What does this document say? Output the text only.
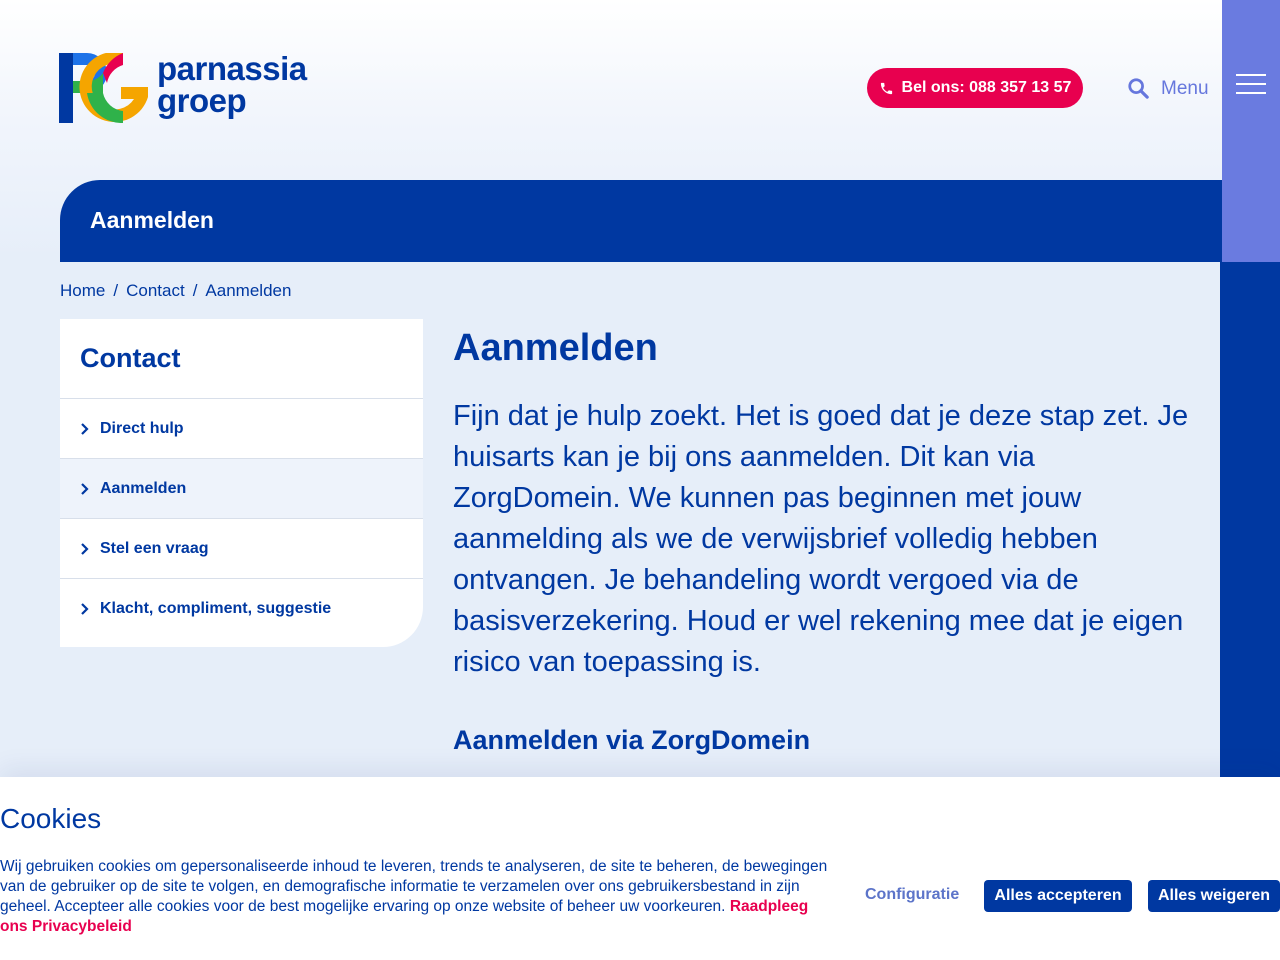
parnassia
groep	Bel ons: 088 357 13 57	Menu
Aanmelden
Home / Contact / Aanmelden
Contact
Direct hulp
Aanmelden
Stel een vraag
Klacht, compliment, suggestie
Aanmelden

Fijn dat je hulp zoekt. Het is goed dat je deze stap zet. Je huisarts kan je bij ons aanmelden. Dit kan via ZorgDomein. We kunnen pas beginnen met jouw aanmelding als we de verwijsbrief volledig hebben ontvangen. Je behandeling wordt vergoed via de basisverzekering. Houd er wel rekening mee dat je eigen risico van toepassing is.

Aanmelden via ZorgDomein
Cookies
Wij gebruiken cookies om gepersonaliseerde inhoud te leveren, trends te analyseren, de site te beheren, de bewegingen van de gebruiker op de site te volgen, en demografische informatie te verzamelen over ons gebruikersbestand in zijn geheel. Accepteer alle cookies voor de best mogelijke ervaring op onze website of beheer uw voorkeuren. Raadpleeg ons Privacybeleid
Configuratie	Alles accepteren	Alles weigeren
